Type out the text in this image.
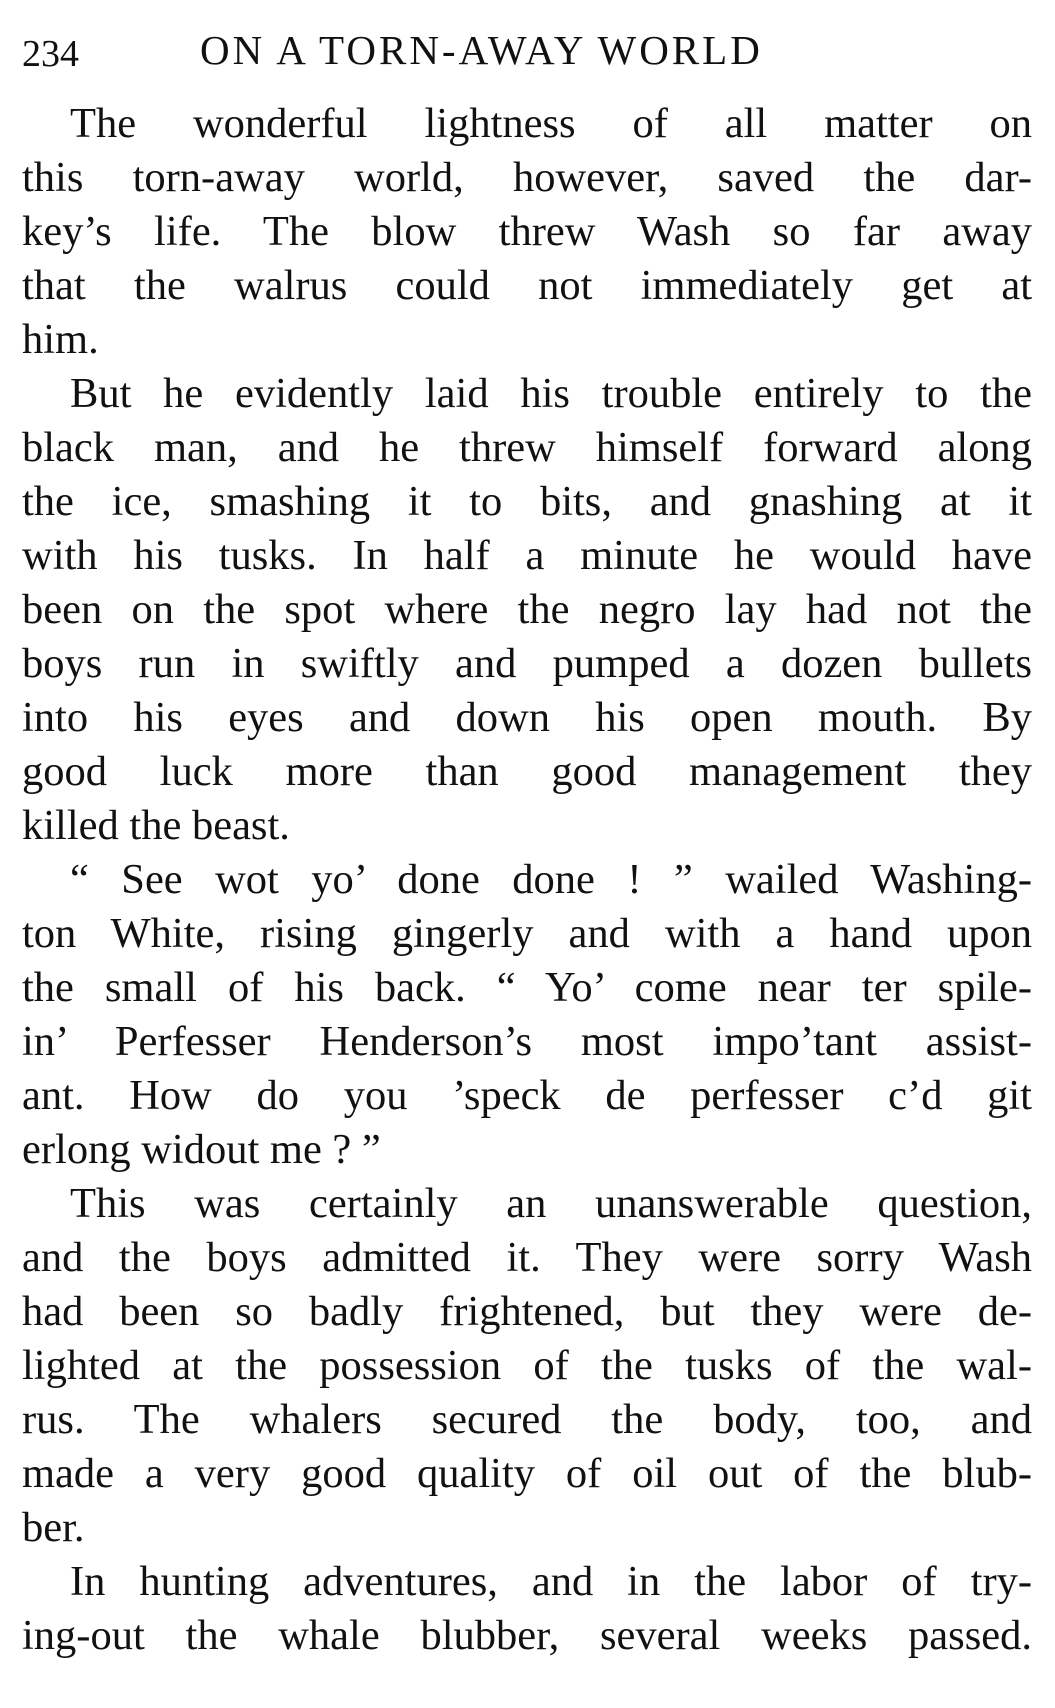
234	ON A TORN-AWAY WORLD
The wonderful lightness of all matter on
this torn-away world, however, saved the dar-
key’s life. The blow threw Wash so far away
that the walrus could not immediately get at
him.
But he evidently laid his trouble entirely to the
black man, and he threw himself forward along
the ice, smashing it to bits, and gnashing at it
with his tusks. In half a minute he would have
been on the spot where the negro lay had not the
boys run in swiftly and pumped a dozen bullets
into his eyes and down his open mouth. By
good luck more than good management they
killed the beast.
“ See wot yo’ done done ! ” wailed Washing-
ton White, rising gingerly and with a hand upon
the small of his back. “ Yo’ come near ter spile-
in’ Perfesser Henderson’s most impo’tant assist-
ant. How do you ’speck de perfesser c’d git
erlong widout me ? ”
This was certainly an unanswerable question,
and the boys admitted it. They were sorry Wash
had been so badly frightened, but they were de-
lighted at the possession of the tusks of the wal-
rus. The whalers secured the body, too, and
made a very good quality of oil out of the blub-
ber.
In hunting adventures, and in the labor of try-
ing-out the whale blubber, several weeks passed.
